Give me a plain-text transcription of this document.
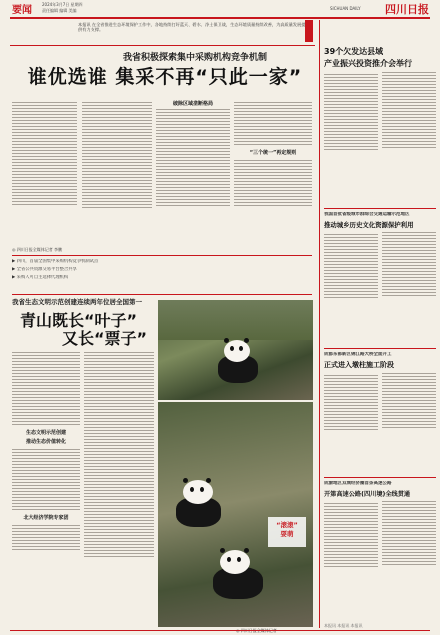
要闻
2024年3月7日 星期四
责任编辑 编辑 美编	SICHUAN DAILY 四川日报
本报讯 在全省推进生态环境保护工作中，各地持续打好蓝天、碧水、净土保卫战，生态环境质量持续改善，为高质量发展提供有力支撑。
我省积极探索集中采购机构竞争机制
谁优选谁 集采不再“只此一家”
◎ 四川日报全媒体记者 李鹏
破除区域垄断格局
“三个统一”再定规则
▶ 四川，首届全国集中采购机构竞争机制试点
▶ 全省公共资源交易平台整合共享
▶ 采购人可自主选择代理机构
我省生态文明示范创建连续两年位居全国第一
青山既长“叶子”
又长“票子”
生态文明示范创建
推动生态价值转化
北大经济学院专家团
“滚滚”
耍萌
39个欠发达县域
产业振兴投资推介会举行
我国首批省级城市群综合交通运输示范地区
推动城乡历史文化资源保护利用
成都东部新区锦江路大桥全面开工
正式进入墩柱施工阶段
成渝地区双城经济圈首条高速公路
开第高速公路(四川境)全线贯通
本报讯 本报讯 本报讯
